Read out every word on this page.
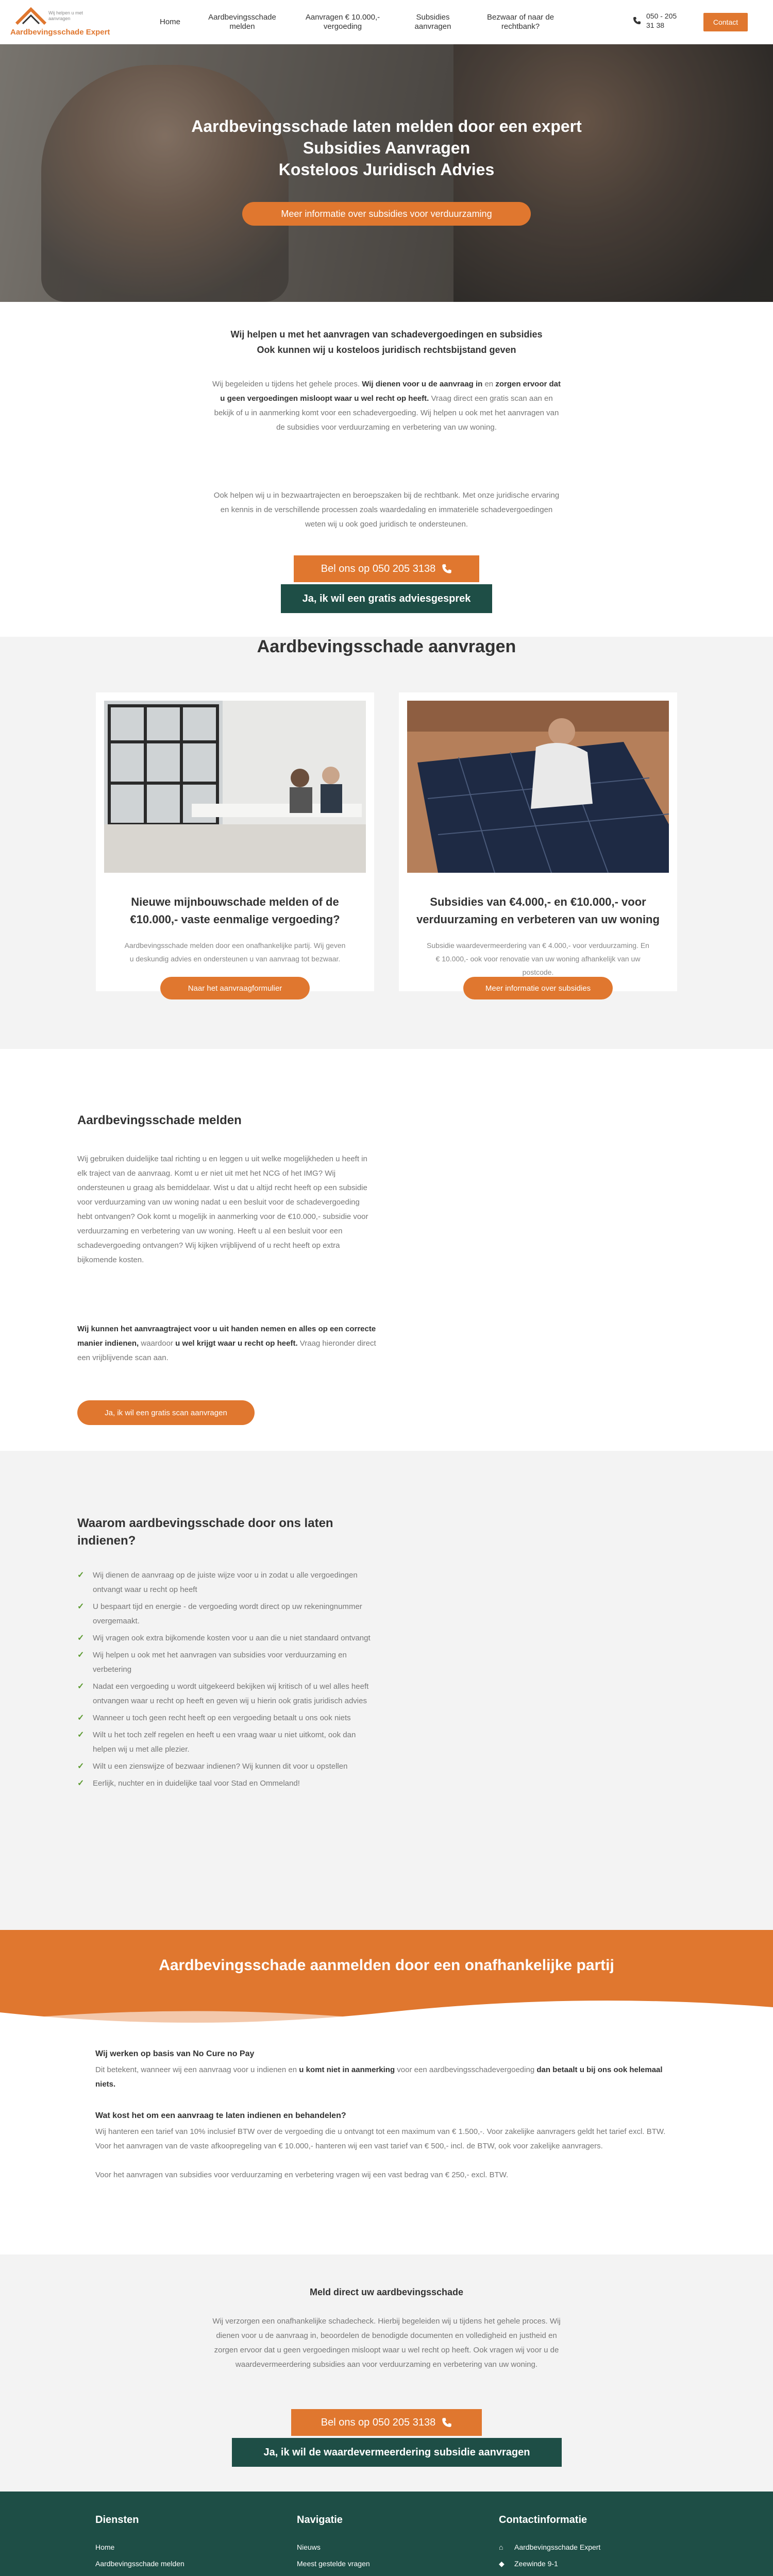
Wij helpen u met aanvragen
Aardbevingsschade Expert
Home
Aardbevingsschade melden
Aanvragen € 10.000,- vergoeding
Subsidies aanvragen
Bezwaar of naar de rechtbank?
050 - 205 31 38	Contact
Aardbevingsschade laten melden door een expert
Subsidies Aanvragen
Kosteloos Juridisch Advies
Meer informatie over subsidies voor verduurzaming
Wij helpen u met het aanvragen van schadevergoedingen en subsidies
Ook kunnen wij u kosteloos juridisch rechtsbijstand geven

Wij begeleiden u tijdens het gehele proces. Wij dienen voor u de aanvraag in en zorgen ervoor dat u geen vergoedingen misloopt waar u wel recht op heeft. Vraag direct een gratis scan aan en bekijk of u in aanmerking komt voor een schadevergoeding. Wij helpen u ook met het aanvragen van de subsidies voor verduurzaming en verbetering van uw woning.

Ook helpen wij u in bezwaartrajecten en beroepszaken bij de rechtbank. Met onze juridische ervaring en kennis in de verschillende processen zoals waardedaling en immateriële schadevergoedingen weten wij u ook goed juridisch te ondersteunen.

Bel ons op 050 205 3138
Ja, ik wil een gratis adviesgesprek
Aardbevingsschade aanvragen
Nieuwe mijnbouwschade melden of de €10.000,- vaste eenmalige vergoeding?

Aardbevingsschade melden door een onafhankelijke partij. Wij geven u deskundig advies en ondersteunen u van aanvraag tot bezwaar.

Naar het aanvraagformulier
Subsidies van €4.000,- en €10.000,- voor verduurzaming en verbeteren van uw woning

Subsidie waardevermeerdering van € 4.000,- voor verduurzaming. En € 10.000,- ook voor renovatie van uw woning afhankelijk van uw postcode.

Meer informatie over subsidies
Aardbevingsschade melden

Wij gebruiken duidelijke taal richting u en leggen u uit welke mogelijkheden u heeft in elk traject van de aanvraag. Komt u er niet uit met het NCG of het IMG? Wij ondersteunen u graag als bemiddelaar. Wist u dat u altijd recht heeft op een subsidie voor verduurzaming van uw woning nadat u een besluit voor de schadevergoeding hebt ontvangen? Ook komt u mogelijk in aanmerking voor de €10.000,- subsidie voor verduurzaming en verbetering van uw woning. Heeft u al een besluit voor een schadevergoeding ontvangen? Wij kijken vrijblijvend of u recht heeft op extra bijkomende kosten.

Wij kunnen het aanvraagtraject voor u uit handen nemen en alles op een correcte manier indienen, waardoor u wel krijgt waar u recht op heeft. Vraag hieronder direct een vrijblijvende scan aan.

Ja, ik wil een gratis scan aanvragen
Waarom aardbevingsschade door ons laten
indienen?
✓	Wij dienen de aanvraag op de juiste wijze voor u in zodat u alle vergoedingen ontvangt waar u recht op heeft
✓	U bespaart tijd en energie - de vergoeding wordt direct op uw rekeningnummer overgemaakt.
✓	Wij vragen ook extra bijkomende kosten voor u aan die u niet standaard ontvangt
✓	Wij helpen u ook met het aanvragen van subsidies voor verduurzaming en verbetering
✓	Nadat een vergoeding u wordt uitgekeerd bekijken wij kritisch of u wel alles heeft ontvangen waar u recht op heeft en geven wij u hierin ook gratis juridisch advies
✓	Wanneer u toch geen recht heeft op een vergoeding betaalt u ons ook niets
✓	Wilt u het toch zelf regelen en heeft u een vraag waar u niet uitkomt, ook dan helpen wij u met alle plezier.
✓	Wilt u een zienswijze of bezwaar indienen? Wij kunnen dit voor u opstellen
✓	Eerlijk, nuchter en in duidelijke taal voor Stad en Ommeland!
Aardbevingsschade aanmelden door een onafhankelijke partij
Wij werken op basis van No Cure no Pay

Dit betekent, wanneer wij een aanvraag voor u indienen en u komt niet in aanmerking voor een aardbevingsschadevergoeding dan betaalt u bij ons ook helemaal niets.

Wat kost het om een aanvraag te laten indienen en behandelen?

Wij hanteren een tarief van 10% inclusief BTW over de vergoeding die u ontvangt tot een maximum van € 1.500,-. Voor zakelijke aanvragers geldt het tarief excl. BTW. Voor het aanvragen van de vaste afkoopregeling van € 10.000,- hanteren wij een vast tarief van € 500,- incl. de BTW, ook voor zakelijke aanvragers.

Voor het aanvragen van subsidies voor verduurzaming en verbetering vragen wij een vast bedrag van € 250,- excl. BTW.

Meld direct uw aardbevingsschade

Wij verzorgen een onafhankelijke schadecheck. Hierbij begeleiden wij u tijdens het gehele proces. Wij dienen voor u de aanvraag in, beoordelen de benodigde documenten en volledigheid en justheid en zorgen ervoor dat u geen vergoedingen misloopt waar u wel recht op heeft. Ook vragen wij voor u de waardevermeerdering subsidies aan voor verduurzaming en verbetering van uw woning.

Bel ons op 050 205 3138
Ja, ik wil de waardevermeerdering subsidie aanvragen
Diensten
Home
Aardbevingsschade melden
Navigatie
Nieuws
Meest gestelde vragen
Contactinformatie
⌂	Aardbevingsschade Expert
◆	Zeewinde 9-1
